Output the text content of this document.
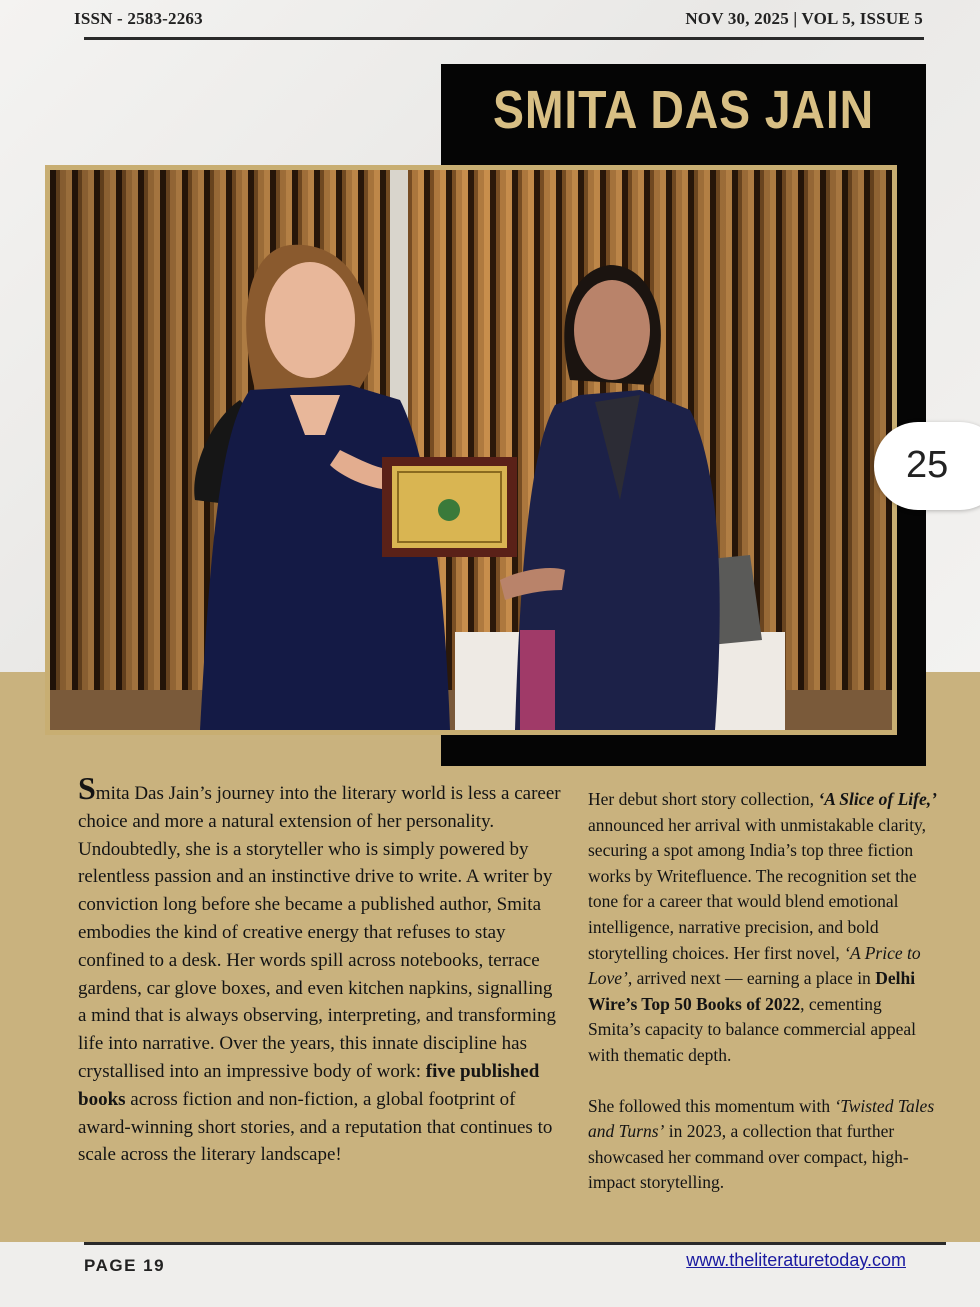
ISSN - 2583-2263	NOV 30, 2025 | VOL 5, ISSUE 5
SMITA DAS JAIN
25

Smita Das Jain’s journey into the literary world is less a career choice and more a natural extension of her personality. Undoubtedly, she is a storyteller who is simply powered by relentless passion and an instinctive drive to write. A writer by conviction long before she became a published author, Smita embodies the kind of creative energy that refuses to stay confined to a desk. Her words spill across notebooks, terrace gardens, car glove boxes, and even kitchen napkins, signalling a mind that is always observing, interpreting, and transforming life into narrative. Over the years, this innate discipline has crystallised into an impressive body of work: five published books across fiction and non-fiction, a global footprint of award-winning short stories, and a reputation that continues to scale across the literary landscape!

Her debut short story collection, ‘A Slice of Life,’ announced her arrival with unmistakable clarity, securing a spot among India’s top three fiction works by Writefluence. The recognition set the tone for a career that would blend emotional intelligence, narrative precision, and bold storytelling choices. Her first novel, ‘A Price to Love’, arrived next — earning a place in Delhi Wire’s Top 50 Books of 2022, cementing Smita’s capacity to balance commercial appeal with thematic depth.

She followed this momentum with ‘Twisted Tales and Turns’ in 2023, a collection that further showcased her command over compact, high-impact storytelling.

PAGE 19	www.theliteraturetoday.com
